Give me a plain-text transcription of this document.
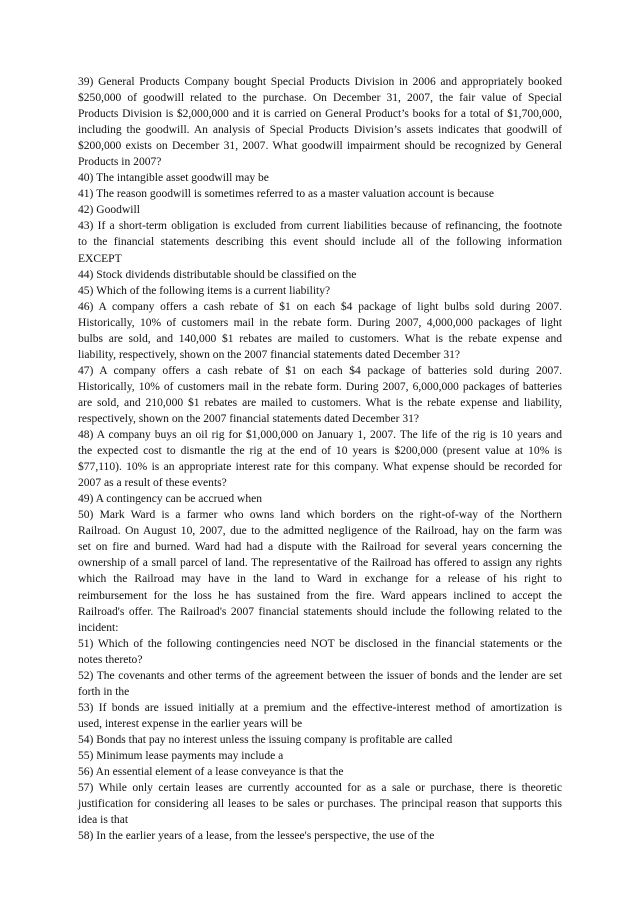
39) General Products Company bought Special Products Division in 2006 and appropriately booked
$250,000 of goodwill related to the purchase. On December 31, 2007, the fair value of Special
Products Division is $2,000,000 and it is carried on General Product’s books for a total of $1,700,000,
including the goodwill. An analysis of Special Products Division’s assets indicates that goodwill of
$200,000 exists on December 31, 2007. What goodwill impairment should be recognized by General
Products in 2007?
40) The intangible asset goodwill may be
41) The reason goodwill is sometimes referred to as a master valuation account is because
42) Goodwill
43) If a short-term obligation is excluded from current liabilities because of refinancing, the footnote
to the financial statements describing this event should include all of the following information
EXCEPT
44) Stock dividends distributable should be classified on the
45) Which of the following items is a current liability?
46) A company offers a cash rebate of $1 on each $4 package of light bulbs sold during 2007.
Historically, 10% of customers mail in the rebate form. During 2007, 4,000,000 packages of light
bulbs are sold, and 140,000 $1 rebates are mailed to customers. What is the rebate expense and
liability, respectively, shown on the 2007 financial statements dated December 31?
47) A company offers a cash rebate of $1 on each $4 package of batteries sold during 2007.
Historically, 10% of customers mail in the rebate form. During 2007, 6,000,000 packages of batteries
are sold, and 210,000 $1 rebates are mailed to customers. What is the rebate expense and liability,
respectively, shown on the 2007 financial statements dated December 31?
48) A company buys an oil rig for $1,000,000 on January 1, 2007. The life of the rig is 10 years and
the expected cost to dismantle the rig at the end of 10 years is $200,000 (present value at 10% is
$77,110). 10% is an appropriate interest rate for this company. What expense should be recorded for
2007 as a result of these events?
49) A contingency can be accrued when
50) Mark Ward is a farmer who owns land which borders on the right-of-way of the Northern
Railroad. On August 10, 2007, due to the admitted negligence of the Railroad, hay on the farm was
set on fire and burned. Ward had had a dispute with the Railroad for several years concerning the
ownership of a small parcel of land. The representative of the Railroad has offered to assign any rights
which the Railroad may have in the land to Ward in exchange for a release of his right to
reimbursement for the loss he has sustained from the fire. Ward appears inclined to accept the
Railroad's offer. The Railroad's 2007 financial statements should include the following related to the
incident:
51) Which of the following contingencies need NOT be disclosed in the financial statements or the
notes thereto?
52) The covenants and other terms of the agreement between the issuer of bonds and the lender are set
forth in the
53) If bonds are issued initially at a premium and the effective-interest method of amortization is
used, interest expense in the earlier years will be
54) Bonds that pay no interest unless the issuing company is profitable are called
55) Minimum lease payments may include a
56) An essential element of a lease conveyance is that the
57) While only certain leases are currently accounted for as a sale or purchase, there is theoretic
justification for considering all leases to be sales or purchases. The principal reason that supports this
idea is that
58) In the earlier years of a lease, from the lessee's perspective, the use of the
